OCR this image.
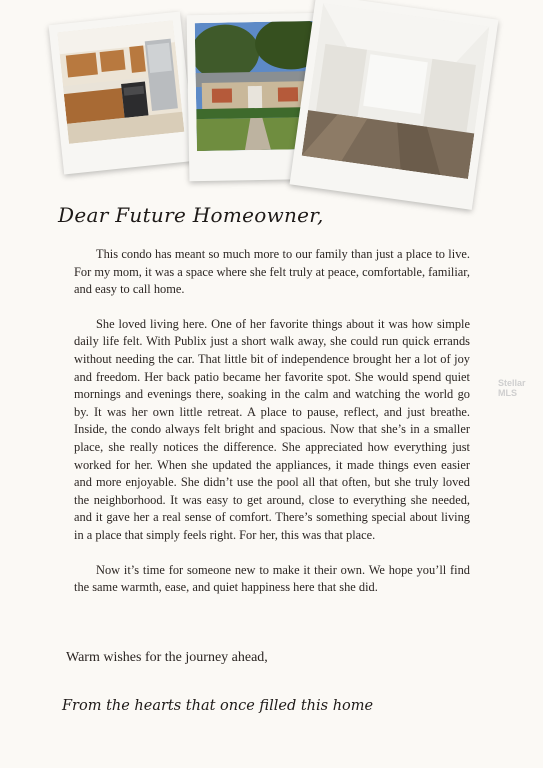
Dear Future Homeowner,

This condo has meant so much more to our family than just a place to live. For my mom, it was a space where she felt truly at peace, comfortable, familiar, and easy to call home.

She loved living here. One of her favorite things about it was how simple daily life felt. With Publix just a short walk away, she could run quick errands without needing the car. That little bit of independence brought her a lot of joy and freedom. Her back patio became her favorite spot. She would spend quiet mornings and evenings there, soaking in the calm and watching the world go by. It was her own little retreat. A place to pause, reflect, and just breathe. Inside, the condo always felt bright and spacious. Now that she’s in a smaller place, she really notices the difference. She appreciated how everything just worked for her. When she updated the appliances, it made things even easier and more enjoyable. She didn’t use the pool all that often, but she truly loved the neighborhood. It was easy to get around, close to everything she needed, and it gave her a real sense of comfort. There’s something special about living in a place that simply feels right. For her, this was that place.

Now it’s time for someone new to make it their own. We hope you’ll find the same warmth, ease, and quiet happiness here that she did.

Warm wishes for the journey ahead,
From the hearts that once filled this home
Stellar MLS
